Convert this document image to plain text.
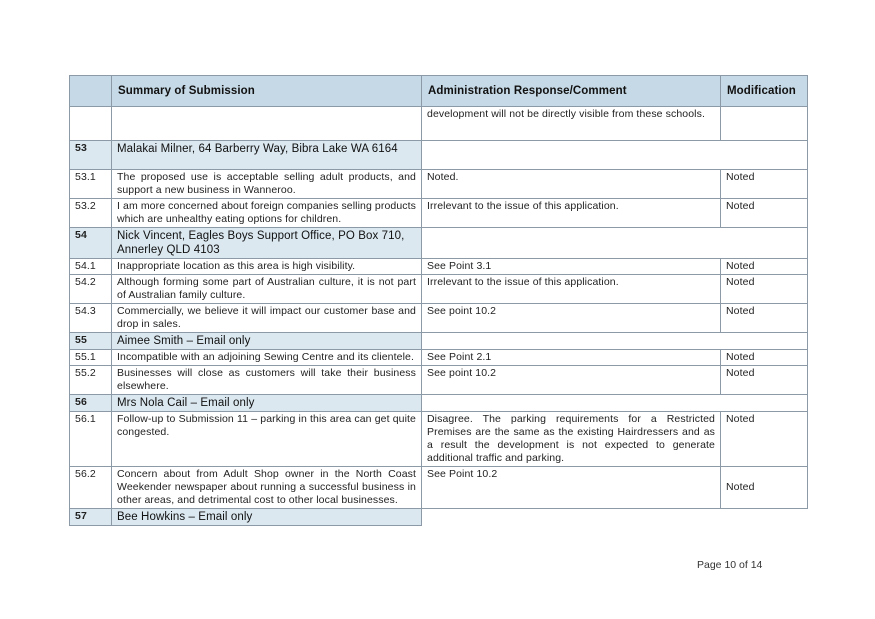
	Summary of Submission	Administration Response/Comment	Modification
		development will not be directly visible from these schools.	
53	Malakai Milner, 64 Barberry Way, Bibra Lake WA 6164		
53.1	The proposed use is acceptable selling adult products, and support a new business in Wanneroo.	Noted.	Noted
53.2	I am more concerned about foreign companies selling products which are unhealthy eating options for children.	Irrelevant to the issue of this application.	Noted
54	Nick Vincent, Eagles Boys Support Office, PO Box 710, Annerley QLD 4103		
54.1	Inappropriate location as this area is high visibility.	See Point 3.1	Noted
54.2	Although forming some part of Australian culture, it is not part of Australian family culture.	Irrelevant to the issue of this application.	Noted
54.3	Commercially, we believe it will impact our customer base and drop in sales.	See point 10.2	Noted
55	Aimee Smith – Email only		
55.1	Incompatible with an adjoining Sewing Centre and its clientele.	See Point 2.1	Noted
55.2	Businesses will close as customers will take their business elsewhere.	See point 10.2	Noted
56	Mrs Nola Cail – Email only		
56.1	Follow-up to Submission 11 – parking in this area can get quite congested.	Disagree. The parking requirements for a Restricted Premises are the same as the existing Hairdressers and as a result the development is not expected to generate additional traffic and parking.	Noted
56.2	Concern about from Adult Shop owner in the North Coast Weekender newspaper about running a successful business in other areas, and detrimental cost to other local businesses.	See Point 10.2	Noted
57	Bee Howkins – Email only		
Page 10 of 14
